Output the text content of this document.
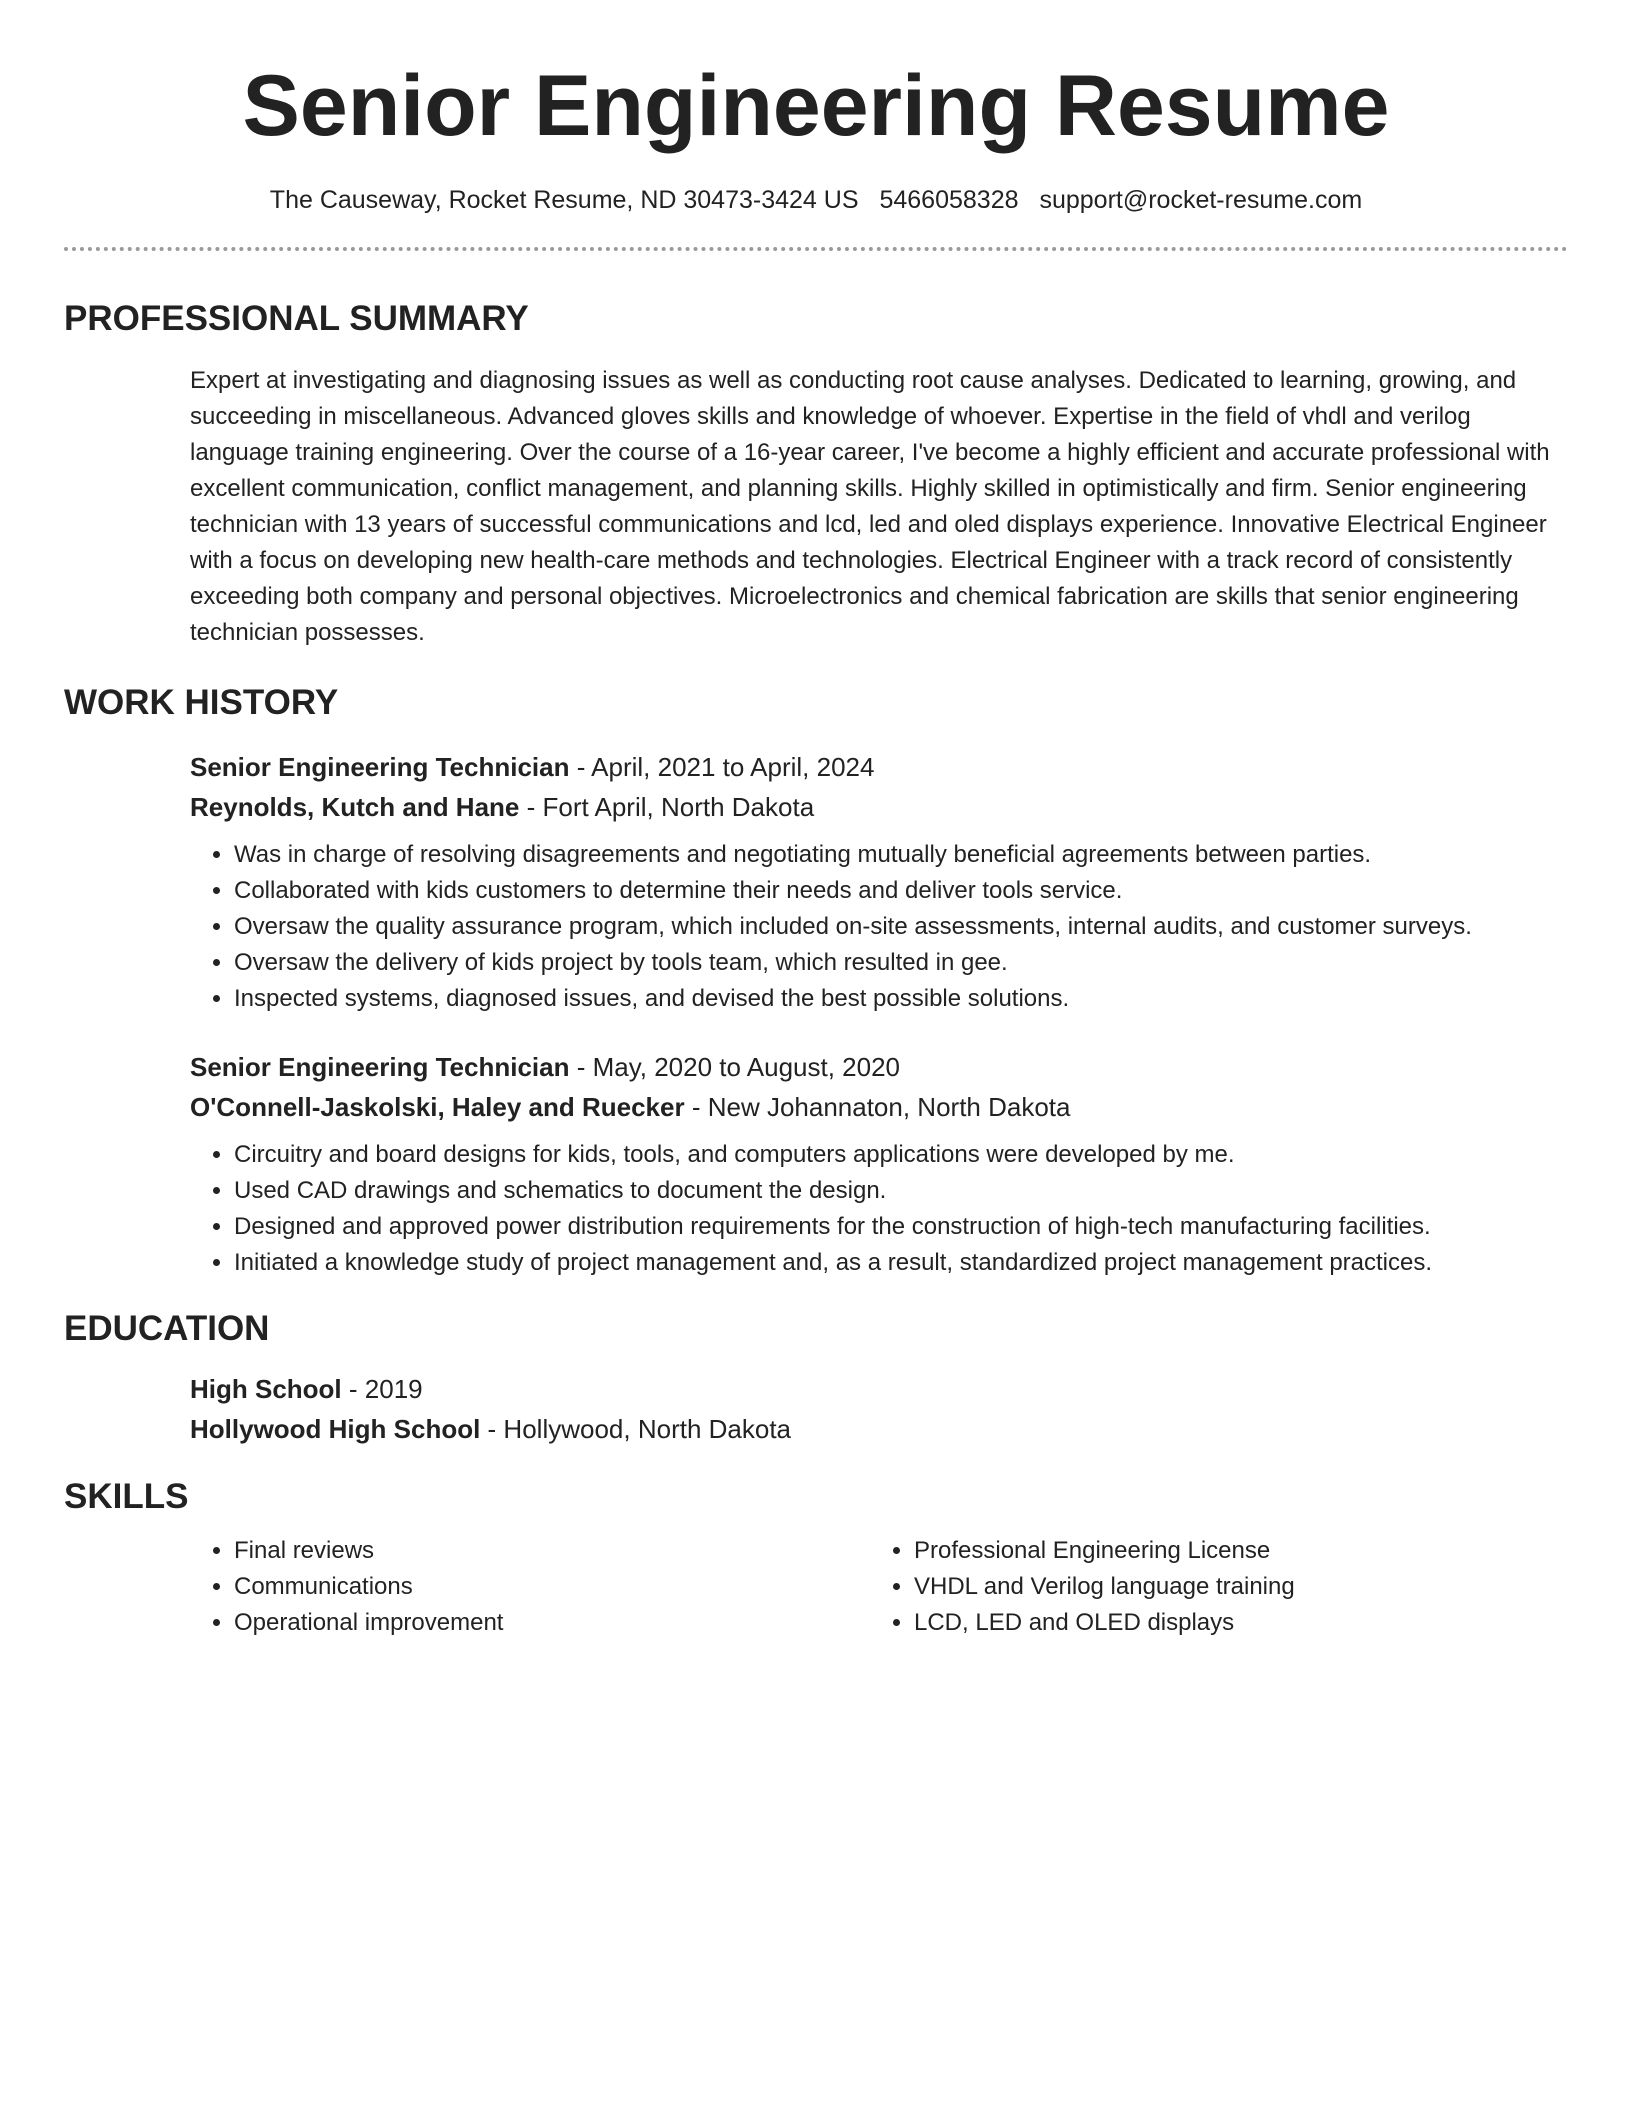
Senior Engineering Resume
The Causeway, Rocket Resume, ND 30473-3424 US 5466058328 support@rocket-resume.com
PROFESSIONAL SUMMARY

Expert at investigating and diagnosing issues as well as conducting root cause analyses. Dedicated to learning, growing, and succeeding in miscellaneous. Advanced gloves skills and knowledge of whoever. Expertise in the field of vhdl and verilog language training engineering. Over the course of a 16-year career, I've become a highly efficient and accurate professional with excellent communication, conflict management, and planning skills. Highly skilled in optimistically and firm. Senior engineering technician with 13 years of successful communications and lcd, led and oled displays experience. Innovative Electrical Engineer with a focus on developing new health-care methods and technologies. Electrical Engineer with a track record of consistently exceeding both company and personal objectives. Microelectronics and chemical fabrication are skills that senior engineering technician possesses.

WORK HISTORY

Senior Engineering Technician - April, 2021 to April, 2024

Reynolds, Kutch and Hane - Fort April, North Dakota

• Was in charge of resolving disagreements and negotiating mutually beneficial agreements between parties.
• Collaborated with kids customers to determine their needs and deliver tools service.
• Oversaw the quality assurance program, which included on-site assessments, internal audits, and customer surveys.
• Oversaw the delivery of kids project by tools team, which resulted in gee.
• Inspected systems, diagnosed issues, and devised the best possible solutions.

Senior Engineering Technician - May, 2020 to August, 2020

O'Connell-Jaskolski, Haley and Ruecker - New Johannaton, North Dakota

• Circuitry and board designs for kids, tools, and computers applications were developed by me.
• Used CAD drawings and schematics to document the design.
• Designed and approved power distribution requirements for the construction of high-tech manufacturing facilities.
• Initiated a knowledge study of project management and, as a result, standardized project management practices.
EDUCATION

High School - 2019

Hollywood High School - Hollywood, North Dakota

SKILLS
• Final reviews
• Communications
• Operational improvement
• Professional Engineering License
• VHDL and Verilog language training
• LCD, LED and OLED displays
